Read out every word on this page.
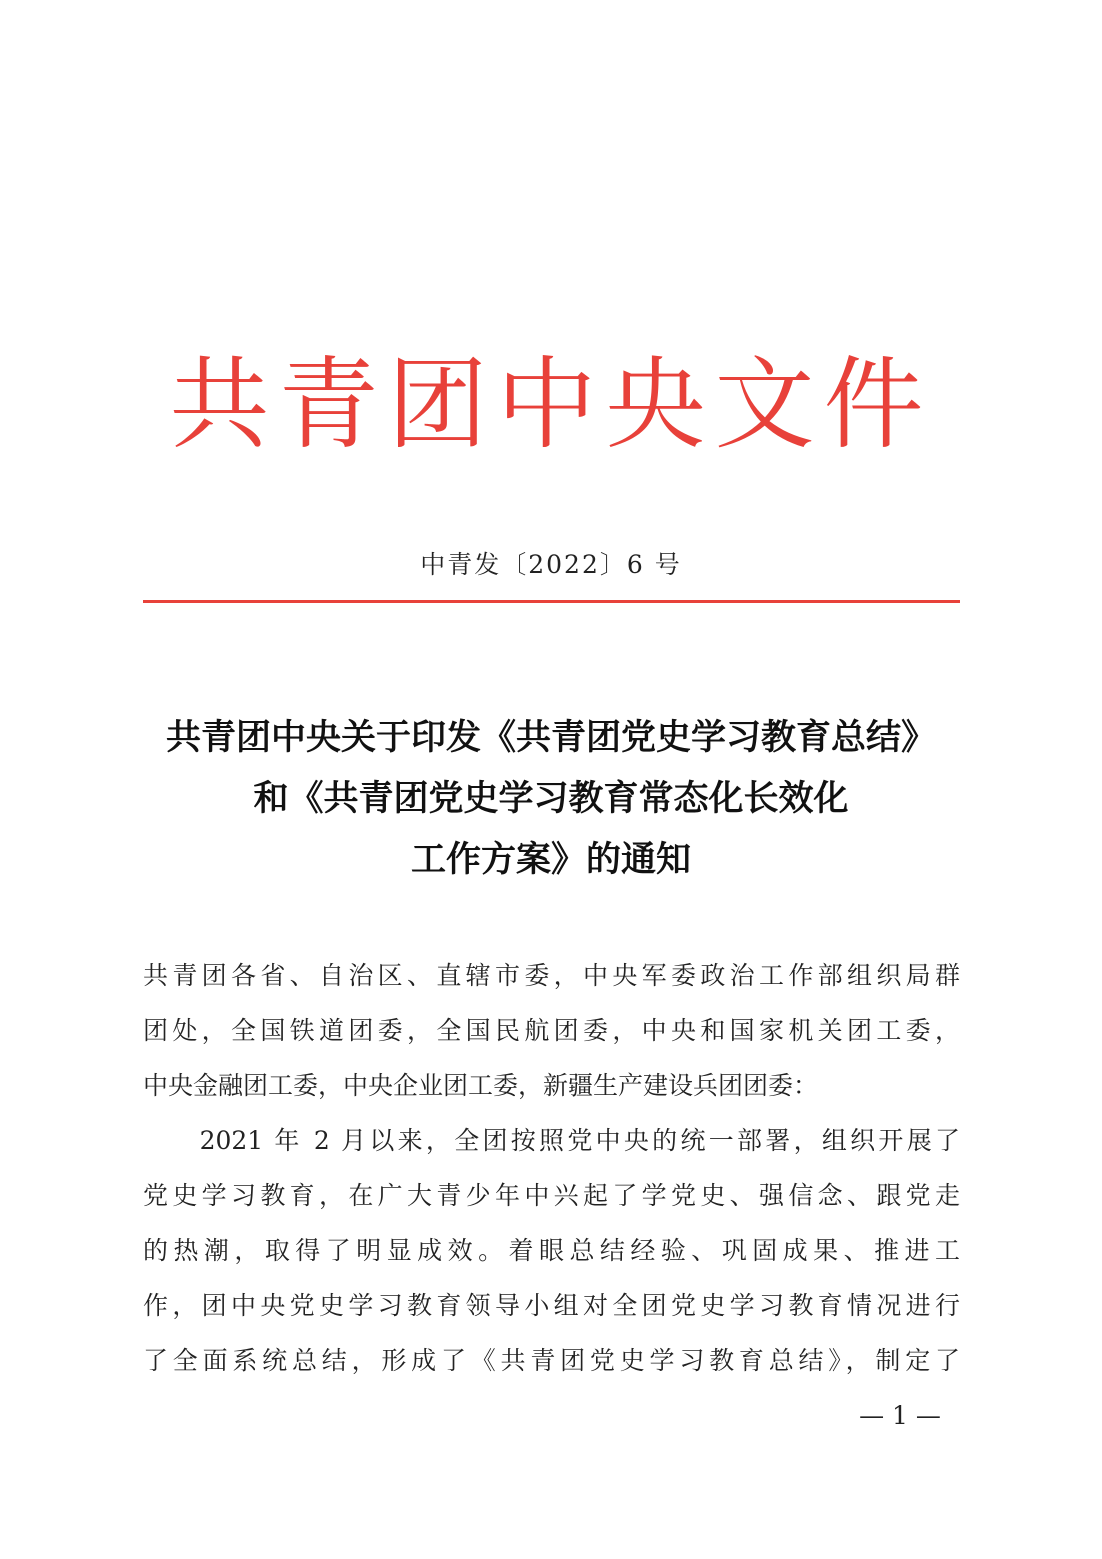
共青团中央文件
中青发〔2022〕6 号
共青团中央关于印发《共青团党史学习教育总结》
和《共青团党史学习教育常态化长效化
工作方案》的通知
共青团各省、自治区、直辖市委，中央军委政治工作部组织局群
团处，全国铁道团委，全国民航团委，中央和国家机关团工委，
中央金融团工委，中央企业团工委，新疆生产建设兵团团委：
　　2021 年 2 月以来，全团按照党中央的统一部署，组织开展了
党史学习教育，在广大青少年中兴起了学党史、强信念、跟党走
的热潮，取得了明显成效。着眼总结经验、巩固成果、推进工
作，团中央党史学习教育领导小组对全团党史学习教育情况进行
了全面系统总结，形成了《共青团党史学习教育总结》，制定了
— 1 —
